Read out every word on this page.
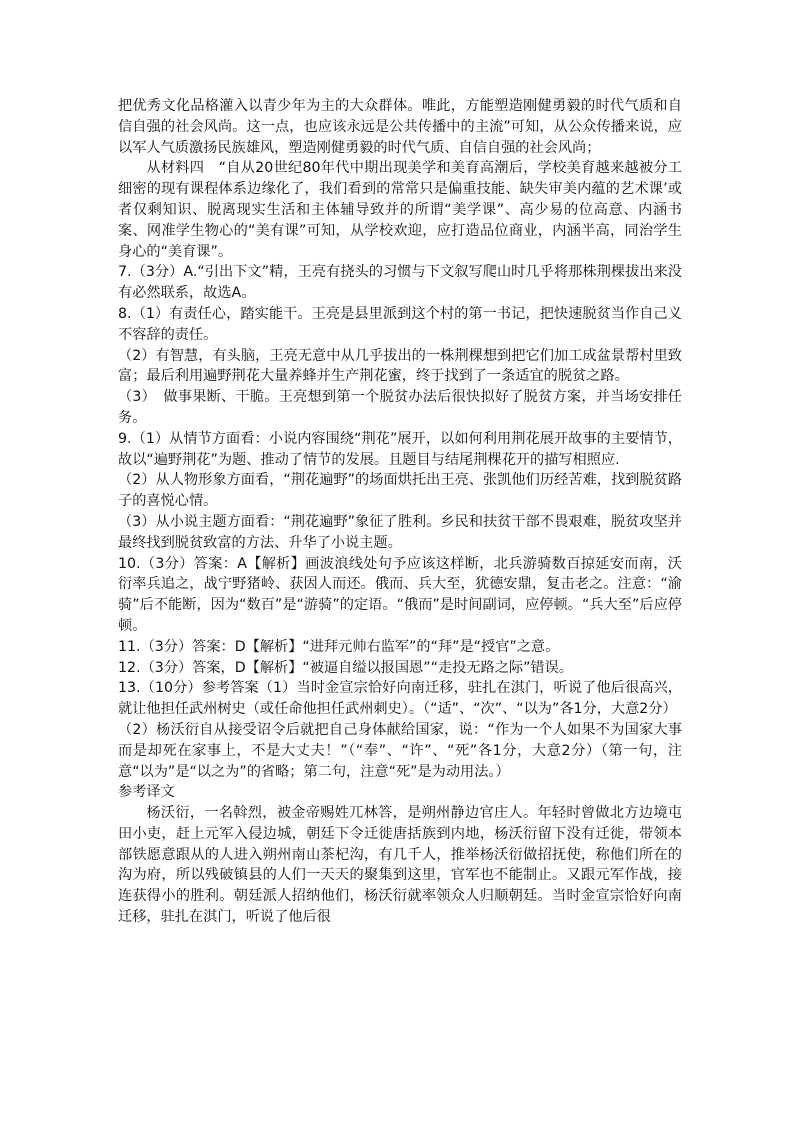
把优秀文化品格灌入以青少年为主的大众群体。唯此，方能塑造刚健勇毅的时代气质和自信自强的社会风尚。这一点，也应该永远是公共传播中的主流”可知，从公众传播来说，应以军人气质激扬民族雄风，塑造刚健勇毅的时代气质、自信自强的社会风尚；

从材料四　“自从20世纪80年代中期出现美学和美育高潮后，学校美育越来越被分工细密的现有课程体系边缘化了，我们看到的常常只是偏重技能、缺失审美内蕴的艺术课’或者仅剩知识、脱离现实生活和主体辅导致并的所谓“美学课”、高少易的位高意、内涵书案、网准学生物心的“美有课”可知，从学校欢迎，应打造品位商业，内涵半高，同治学生身心的“美育课”。

7.（3分）A.“引出下文”精，王亮有挠头的习惯与下文叙写爬山时几乎将那株荆棵拔出来没有必然联系，故选A。

8.（1）有责任心，踏实能干。王亮是县里派到这个村的第一书记，把快速脱贫当作自己义不容辞的责任。

（2）有智慧，有头脑，王亮无意中从几乎拔出的一株荆棵想到把它们加工成盆景帮村里致富；最后利用遍野荆花大量养蜂并生产荆花蜜，终于找到了一条适宜的脱贫之路。

（3）　做事果断、干脆。王亮想到第一个脱贫办法后很快拟好了脱贫方案，并当场安排任务。

9.（1）从情节方面看：小说内容围绕“荆花”展开，以如何利用荆花展开故事的主要情节，故以“遍野荆花”为题、推动了情节的发展。且题目与结尾荆棵花开的描写相照应.

（2）从人物形象方面看，“荆花遍野”的场面烘托出王亮、张凯他们历经苦难，找到脱贫路子的喜悦心情。

（3）从小说主题方面看：“荆花遍野”象征了胜利。乡民和扶贫干部不畏艰难，脱贫攻坚并最终找到脱贫致富的方法、升华了小说主题。

10.（3分）答案：A【解析】画波浪线处句予应该这样断，北兵游骑数百掠延安而南，沃衍率兵追之，战宁野猪岭、获因人而还。俄而、兵大至，犹德安鼎，复击老之。注意：“渝骑”后不能断，因为“数百”是“游骑”的定语。“俄而”是时间副词，应停顿。“兵大至”后应停顿。

11.（3分）答案：D【解析】“进拜元帅右监军”的“拜”是“授官”之意。

12.（3分）答案，D【解析】“被逼自缢以报国恩”“走投无路之际”错误。

13.（10分）参考答案（1）当时金宣宗恰好向南迁移，驻扎在淇门，听说了他后很高兴，就让他担任武州树史（或任命他担任武州刺史）。（“适”、“次”、“以为”各1分，大意2分）

（2）杨沃衍自从接受诏令后就把自己身体献给国家，说：“作为一个人如果不为国家大事而是却死在家事上，不是大丈夫！”（“奉”、“许”、“死”各1分，大意2分）（第一句，注意“以为”是“以之为”的省略；第二句，注意“死”是为动用法。）

参考译文

杨沃衍，一名斡烈，被金帝赐姓兀林答，是朔州静边官庄人。年轻时曾做北方边境屯田小吏，赶上元军入侵边城，朝廷下令迁徙唐括族到内地，杨沃衍留下没有迁徙，带领本部铁愿意跟从的人进入朔州南山茶杞沟，有几千人，推举杨沃衍做招抚使，称他们所在的沟为府，所以残破镇县的人们一天天的聚集到这里，官军也不能制止。又跟元军作战，接连获得小的胜利。朝廷派人招纳他们，杨沃衍就率领众人归顺朝廷。当时金宣宗恰好向南迁移，驻扎在淇门，听说了他后很
